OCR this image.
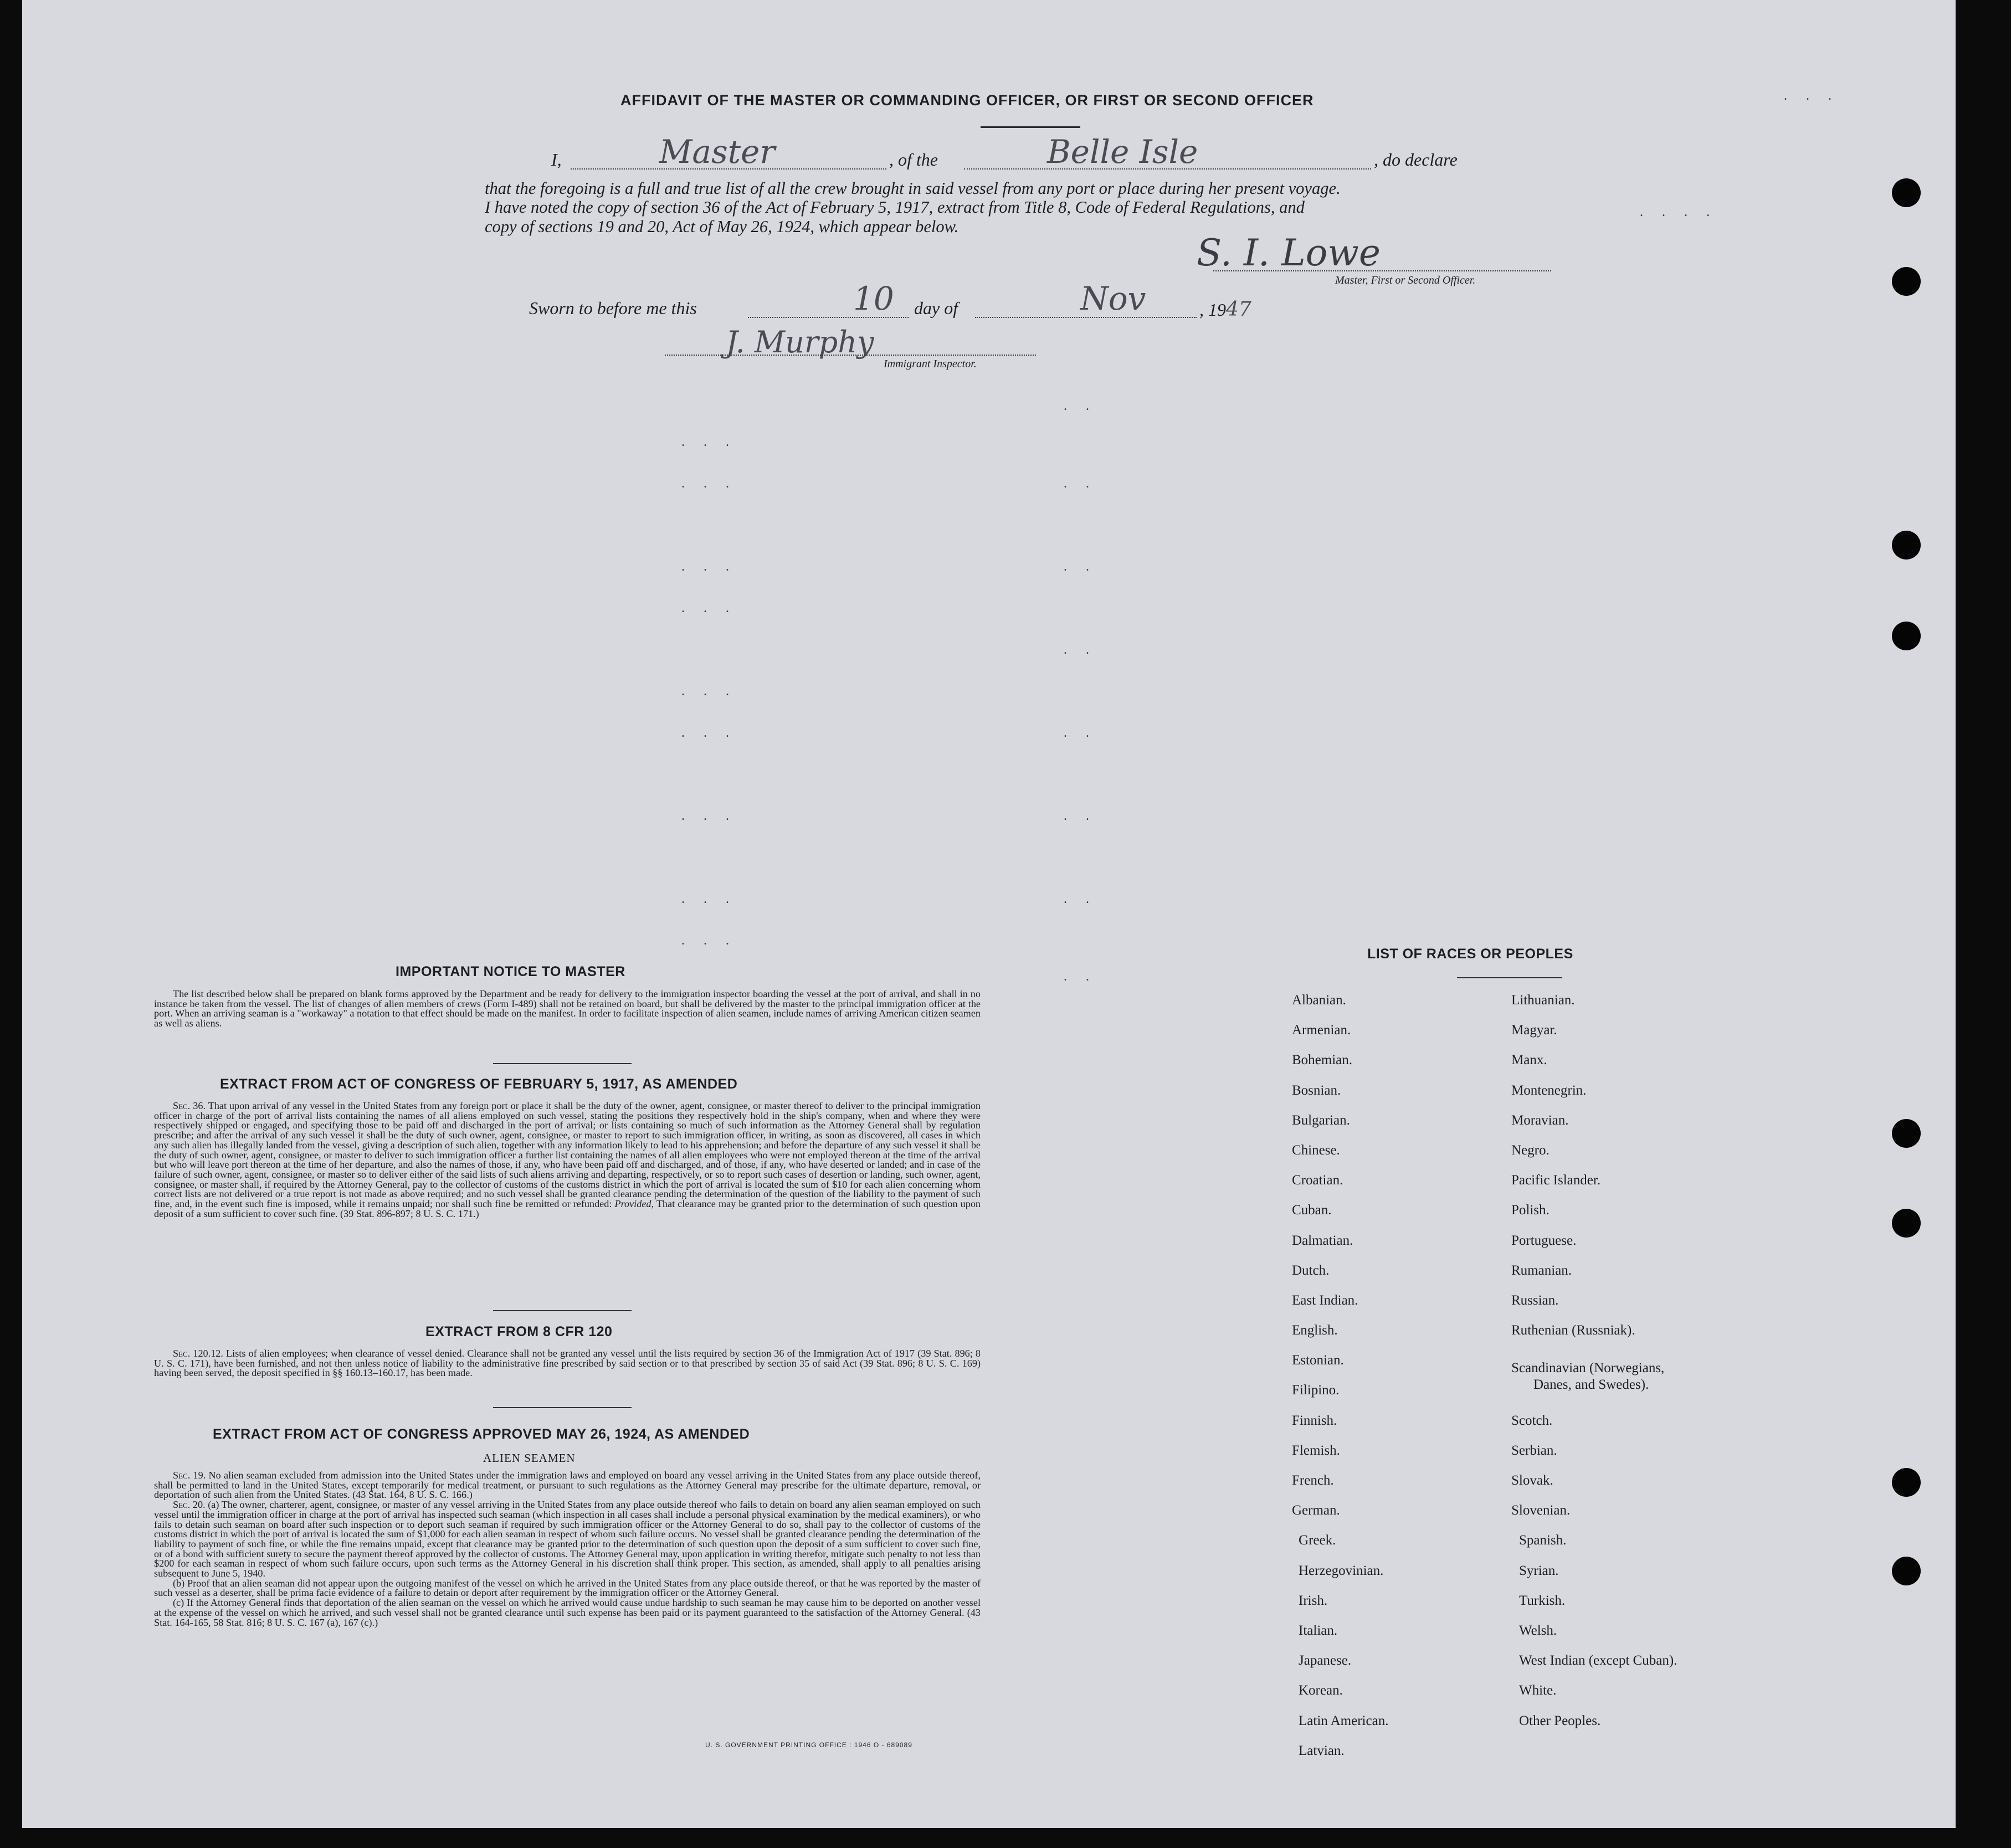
. . .
. . .
. . .
. . .
. . .
. . .
. . .
. . .
. . .
. .
. .
. .
. .
. .
. .
. .
. .
. . . .
. . .
AFFIDAVIT OF THE MASTER OR COMMANDING OFFICER, OR FIRST OR SECOND OFFICER
I,	, of the	, do declare
Master	Belle Isle
that the foregoing is a full and true list of all the crew brought in said vessel from any port or place during her present voyage.
I have noted the copy of section 36 of the Act of February 5, 1917, extract from Title 8, Code of Federal Regulations, and
copy of sections 19 and 20, Act of May 26, 1924, which appear below.
S. I. Lowe
Master, First or Second Officer.
Sworn to before me this	day of	, 1947
10	Nov
J. Murphy
Immigrant Inspector.
IMPORTANT NOTICE TO MASTER

The list described below shall be prepared on blank forms approved by the Department and be ready for delivery to the immigration inspector boarding the vessel at the port of arrival, and shall in no instance be taken from the vessel. The list of changes of alien members of crews (Form I-489) shall not be retained on board, but shall be delivered by the master to the principal immigration officer at the port. When an arriving seaman is a "workaway" a notation to that effect should be made on the manifest. In order to facilitate inspection of alien seamen, include names of arriving American citizen seamen as well as aliens.

EXTRACT FROM ACT OF CONGRESS OF FEBRUARY 5, 1917, AS AMENDED

Sec. 36. That upon arrival of any vessel in the United States from any foreign port or place it shall be the duty of the owner, agent, consignee, or master thereof to deliver to the principal immigration officer in charge of the port of arrival lists containing the names of all aliens employed on such vessel, stating the positions they respectively hold in the ship's company, when and where they were respectively shipped or engaged, and specifying those to be paid off and discharged in the port of arrival; or lists containing so much of such information as the Attorney General shall by regulation prescribe; and after the arrival of any such vessel it shall be the duty of such owner, agent, consignee, or master to report to such immigration officer, in writing, as soon as discovered, all cases in which any such alien has illegally landed from the vessel, giving a description of such alien, together with any information likely to lead to his apprehension; and before the departure of any such vessel it shall be the duty of such owner, agent, consignee, or master to deliver to such immigration officer a further list containing the names of all alien employees who were not employed thereon at the time of the arrival but who will leave port thereon at the time of her departure, and also the names of those, if any, who have been paid off and discharged, and of those, if any, who have deserted or landed; and in case of the failure of such owner, agent, consignee, or master so to deliver either of the said lists of such aliens arriving and departing, respectively, or so to report such cases of desertion or landing, such owner, agent, consignee, or master shall, if required by the Attorney General, pay to the collector of customs of the customs district in which the port of arrival is located the sum of $10 for each alien concerning whom correct lists are not delivered or a true report is not made as above required; and no such vessel shall be granted clearance pending the determination of the question of the liability to the payment of such fine, and, in the event such fine is imposed, while it remains unpaid; nor shall such fine be remitted or refunded: Provided, That clearance may be granted prior to the determination of such question upon deposit of a sum sufficient to cover such fine. (39 Stat. 896-897; 8 U. S. C. 171.)

EXTRACT FROM 8 CFR 120

Sec. 120.12. Lists of alien employees; when clearance of vessel denied. Clearance shall not be granted any vessel until the lists required by section 36 of the Immigration Act of 1917 (39 Stat. 896; 8 U. S. C. 171), have been furnished, and not then unless notice of liability to the administrative fine prescribed by said section or to that prescribed by section 35 of said Act (39 Stat. 896; 8 U. S. C. 169) having been served, the deposit specified in §§ 160.13–160.17, has been made.

EXTRACT FROM ACT OF CONGRESS APPROVED MAY 26, 1924, AS AMENDED
ALIEN SEAMEN

Sec. 19. No alien seaman excluded from admission into the United States under the immigration laws and employed on board any vessel arriving in the United States from any place outside thereof, shall be permitted to land in the United States, except temporarily for medical treatment, or pursuant to such regulations as the Attorney General may prescribe for the ultimate departure, removal, or deportation of such alien from the United States. (43 Stat. 164, 8 U. S. C. 166.)

Sec. 20. (a) The owner, charterer, agent, consignee, or master of any vessel arriving in the United States from any place outside thereof who fails to detain on board any alien seaman employed on such vessel until the immigration officer in charge at the port of arrival has inspected such seaman (which inspection in all cases shall include a personal physical examination by the medical examiners), or who fails to detain such seaman on board after such inspection or to deport such seaman if required by such immigration officer or the Attorney General to do so, shall pay to the collector of customs of the customs district in which the port of arrival is located the sum of $1,000 for each alien seaman in respect of whom such failure occurs. No vessel shall be granted clearance pending the determination of the liability to payment of such fine, or while the fine remains unpaid, except that clearance may be granted prior to the determination of such question upon the deposit of a sum sufficient to cover such fine, or of a bond with sufficient surety to secure the payment thereof approved by the collector of customs. The Attorney General may, upon application in writing therefor, mitigate such penalty to not less than $200 for each seaman in respect of whom such failure occurs, upon such terms as the Attorney General in his discretion shall think proper. This section, as amended, shall apply to all penalties arising subsequent to June 5, 1940.

(b) Proof that an alien seaman did not appear upon the outgoing manifest of the vessel on which he arrived in the United States from any place outside thereof, or that he was reported by the master of such vessel as a deserter, shall be prima facie evidence of a failure to detain or deport after requirement by the immigration officer or the Attorney General.

(c) If the Attorney General finds that deportation of the alien seaman on the vessel on which he arrived would cause undue hardship to such seaman he may cause him to be deported on another vessel at the expense of the vessel on which he arrived, and such vessel shall not be granted clearance until such expense has been paid or its payment guaranteed to the satisfaction of the Attorney General. (43 Stat. 164-165, 58 Stat. 816; 8 U. S. C. 167 (a), 167 (c).)

U. S. GOVERNMENT PRINTING OFFICE : 1946 O - 689089
LIST OF RACES OR PEOPLES
Albanian.
Armenian.
Bohemian.
Bosnian.
Bulgarian.
Chinese.
Croatian.
Cuban.
Dalmatian.
Dutch.
East Indian.
English.
Estonian.
Filipino.
Finnish.
Flemish.
French.
German.
Greek.
Herzegovinian.
Irish.
Italian.
Japanese.
Korean.
Latin American.
Latvian.
Lithuanian.
Magyar.
Manx.
Montenegrin.
Moravian.
Negro.
Pacific Islander.
Polish.
Portuguese.
Rumanian.
Russian.
Ruthenian (Russniak).
Scandinavian (Norwegians,
Danes, and Swedes).
Scotch.
Serbian.
Slovak.
Slovenian.
Spanish.
Syrian.
Turkish.
Welsh.
West Indian (except Cuban).
White.
Other Peoples.
